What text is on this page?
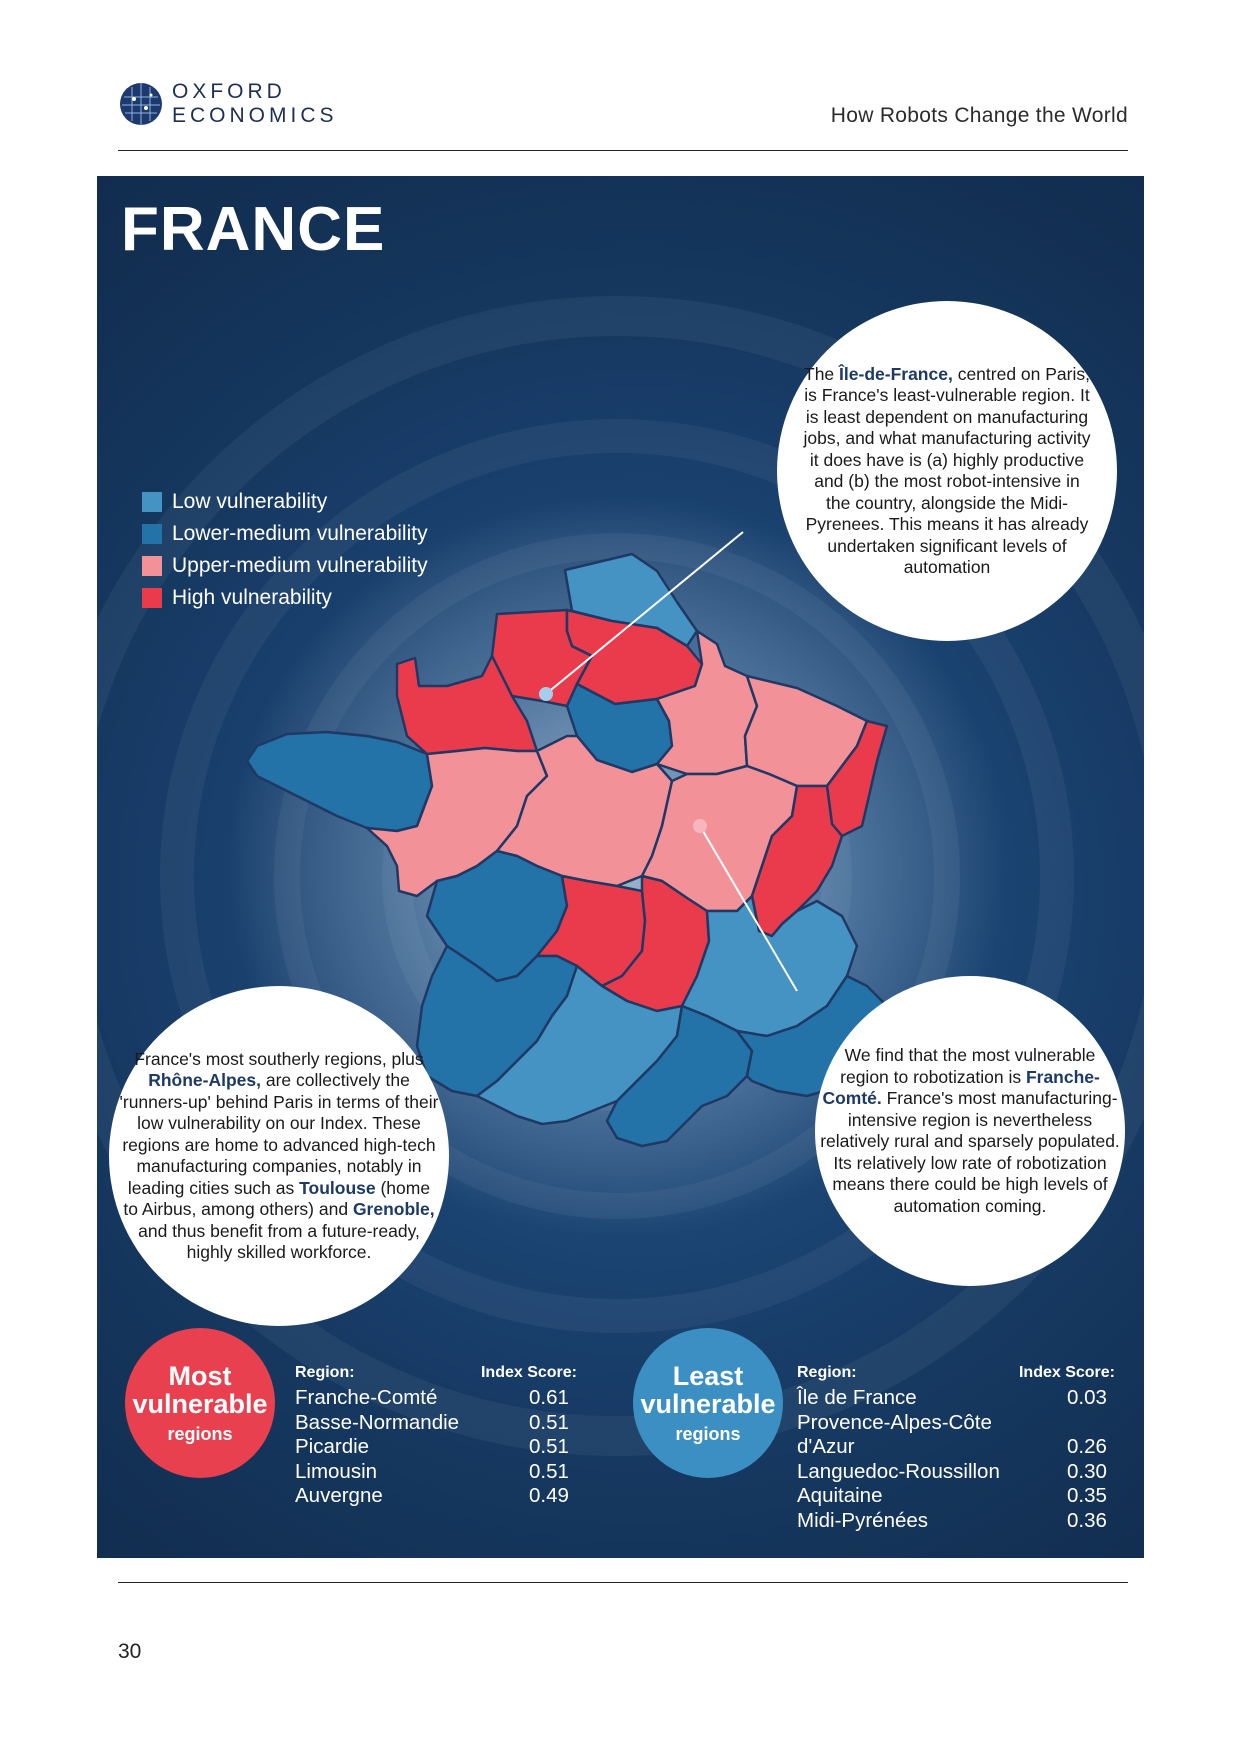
OXFORD
ECONOMICS	How Robots Change the World
FRANCE
Low vulnerability
Lower-medium vulnerability
Upper-medium vulnerability
High vulnerability

The Île-de-France, centred on Paris, is France's least-vulnerable region. It is least dependent on manufacturing jobs, and what manufacturing activity it does have is (a) highly productive and (b) the most robot-intensive in the country, alongside the Midi-Pyrenees. This means it has already undertaken significant levels of automation

France's most southerly regions, plus Rhône-Alpes, are collectively the 'runners-up' behind Paris in terms of their low vulnerability on our Index. These regions are home to advanced high-tech manufacturing companies, notably in leading cities such as Toulouse (home to Airbus, among others) and Grenoble, and thus benefit from a future-ready, highly skilled workforce.

We find that the most vulnerable region to robotization is Franche-Comté. France's most manufacturing-intensive region is nevertheless relatively rural and sparsely populated. Its relatively low rate of robotization means there could be high levels of automation coming.

Most
vulnerable
regions
Region:	Index Score:
Franche-Comté	0.61
Basse-Normandie	0.51
Picardie	0.51
Limousin	0.51
Auvergne	0.49
Least
vulnerable
regions
Region:	Index Score:
Île de France	0.03
Provence-Alpes-Côte
d'Azur	0.26
Languedoc-Roussillon	0.30
Aquitaine	0.35
Midi-Pyrénées	0.36
30
